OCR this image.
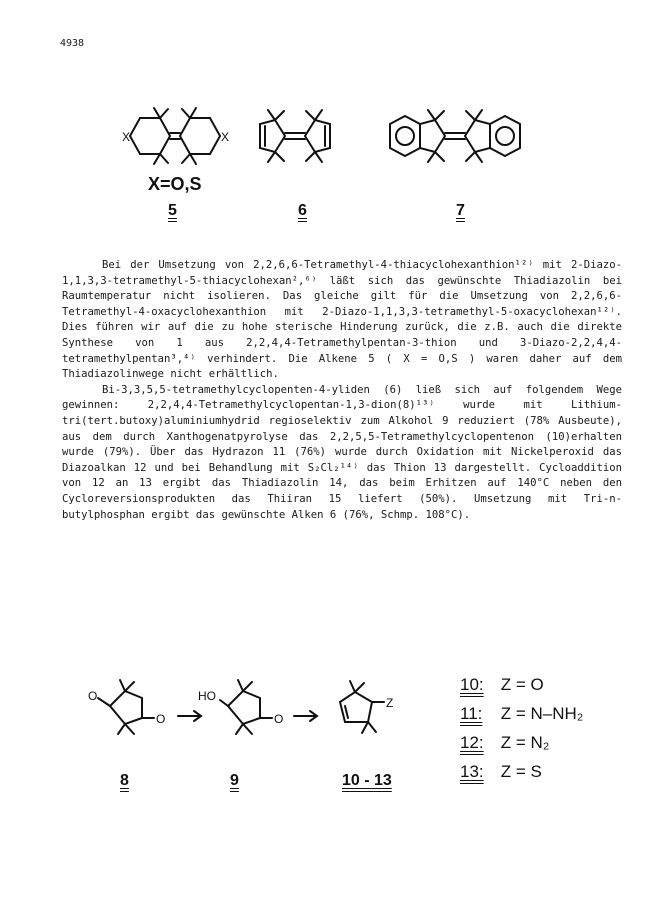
4938
X	X
X=O,S
5	6	7

Bei der Umsetzung von 2,2,6,6-Tetramethyl-4-thiacyclohexanthion¹²⁾ mit 2-Diazo-1,1,3,3-tetramethyl-5-thiacyclohexan²,⁶⁾ läßt sich das gewünschte Thiadiazolin bei Raumtemperatur nicht isolieren. Das gleiche gilt für die Umsetzung von 2,2,6,6-Tetramethyl-4-oxacyclohexanthion mit 2-Diazo-1,1,3,3-tetramethyl-5-oxacyclohexan¹²⁾. Dies führen wir auf die zu hohe sterische Hinderung zurück, die z.B. auch die direkte Synthese von 1 aus 2,2,4,4-Tetramethylpentan-3-thion und 3-Diazo-2,2,4,4-tetramethylpentan³,⁴⁾ verhindert. Die Alkene 5 ( X = O,S ) waren daher auf dem Thiadiazolinwege nicht erhältlich.

Bi-3,3,5,5-tetramethylcyclopenten-4-yliden (6) ließ sich auf folgendem Wege gewinnen: 2,2,4,4-Tetramethylcyclopentan-1,3-dion(8)¹³⁾ wurde mit Lithium-tri(tert.butoxy)aluminiumhydrid regioselektiv zum Alkohol 9 reduziert (78% Ausbeute), aus dem durch Xanthogenatpyrolyse das 2,2,5,5-Tetramethylcyclopentenon (10)erhalten wurde (79%). Über das Hydrazon 11 (76%) wurde durch Oxidation mit Nickelperoxid das Diazoalkan 12 und bei Behandlung mit S₂Cl₂¹⁴⁾ das Thion 13 dargestellt. Cycloaddition von 12 an 13 ergibt das Thiadiazolin 14, das beim Erhitzen auf 140°C neben den Cycloreversionsprodukten das Thiiran 15 liefert (50%). Umsetzung mit Tri-n-butylphosphan ergibt das gewünschte Alken 6 (76%, Schmp. 108°C).

O
O
HO
O
Z
8	9	10 - 13
10: Z = O
11: Z = N–NH₂
12: Z = N₂
13: Z = S
